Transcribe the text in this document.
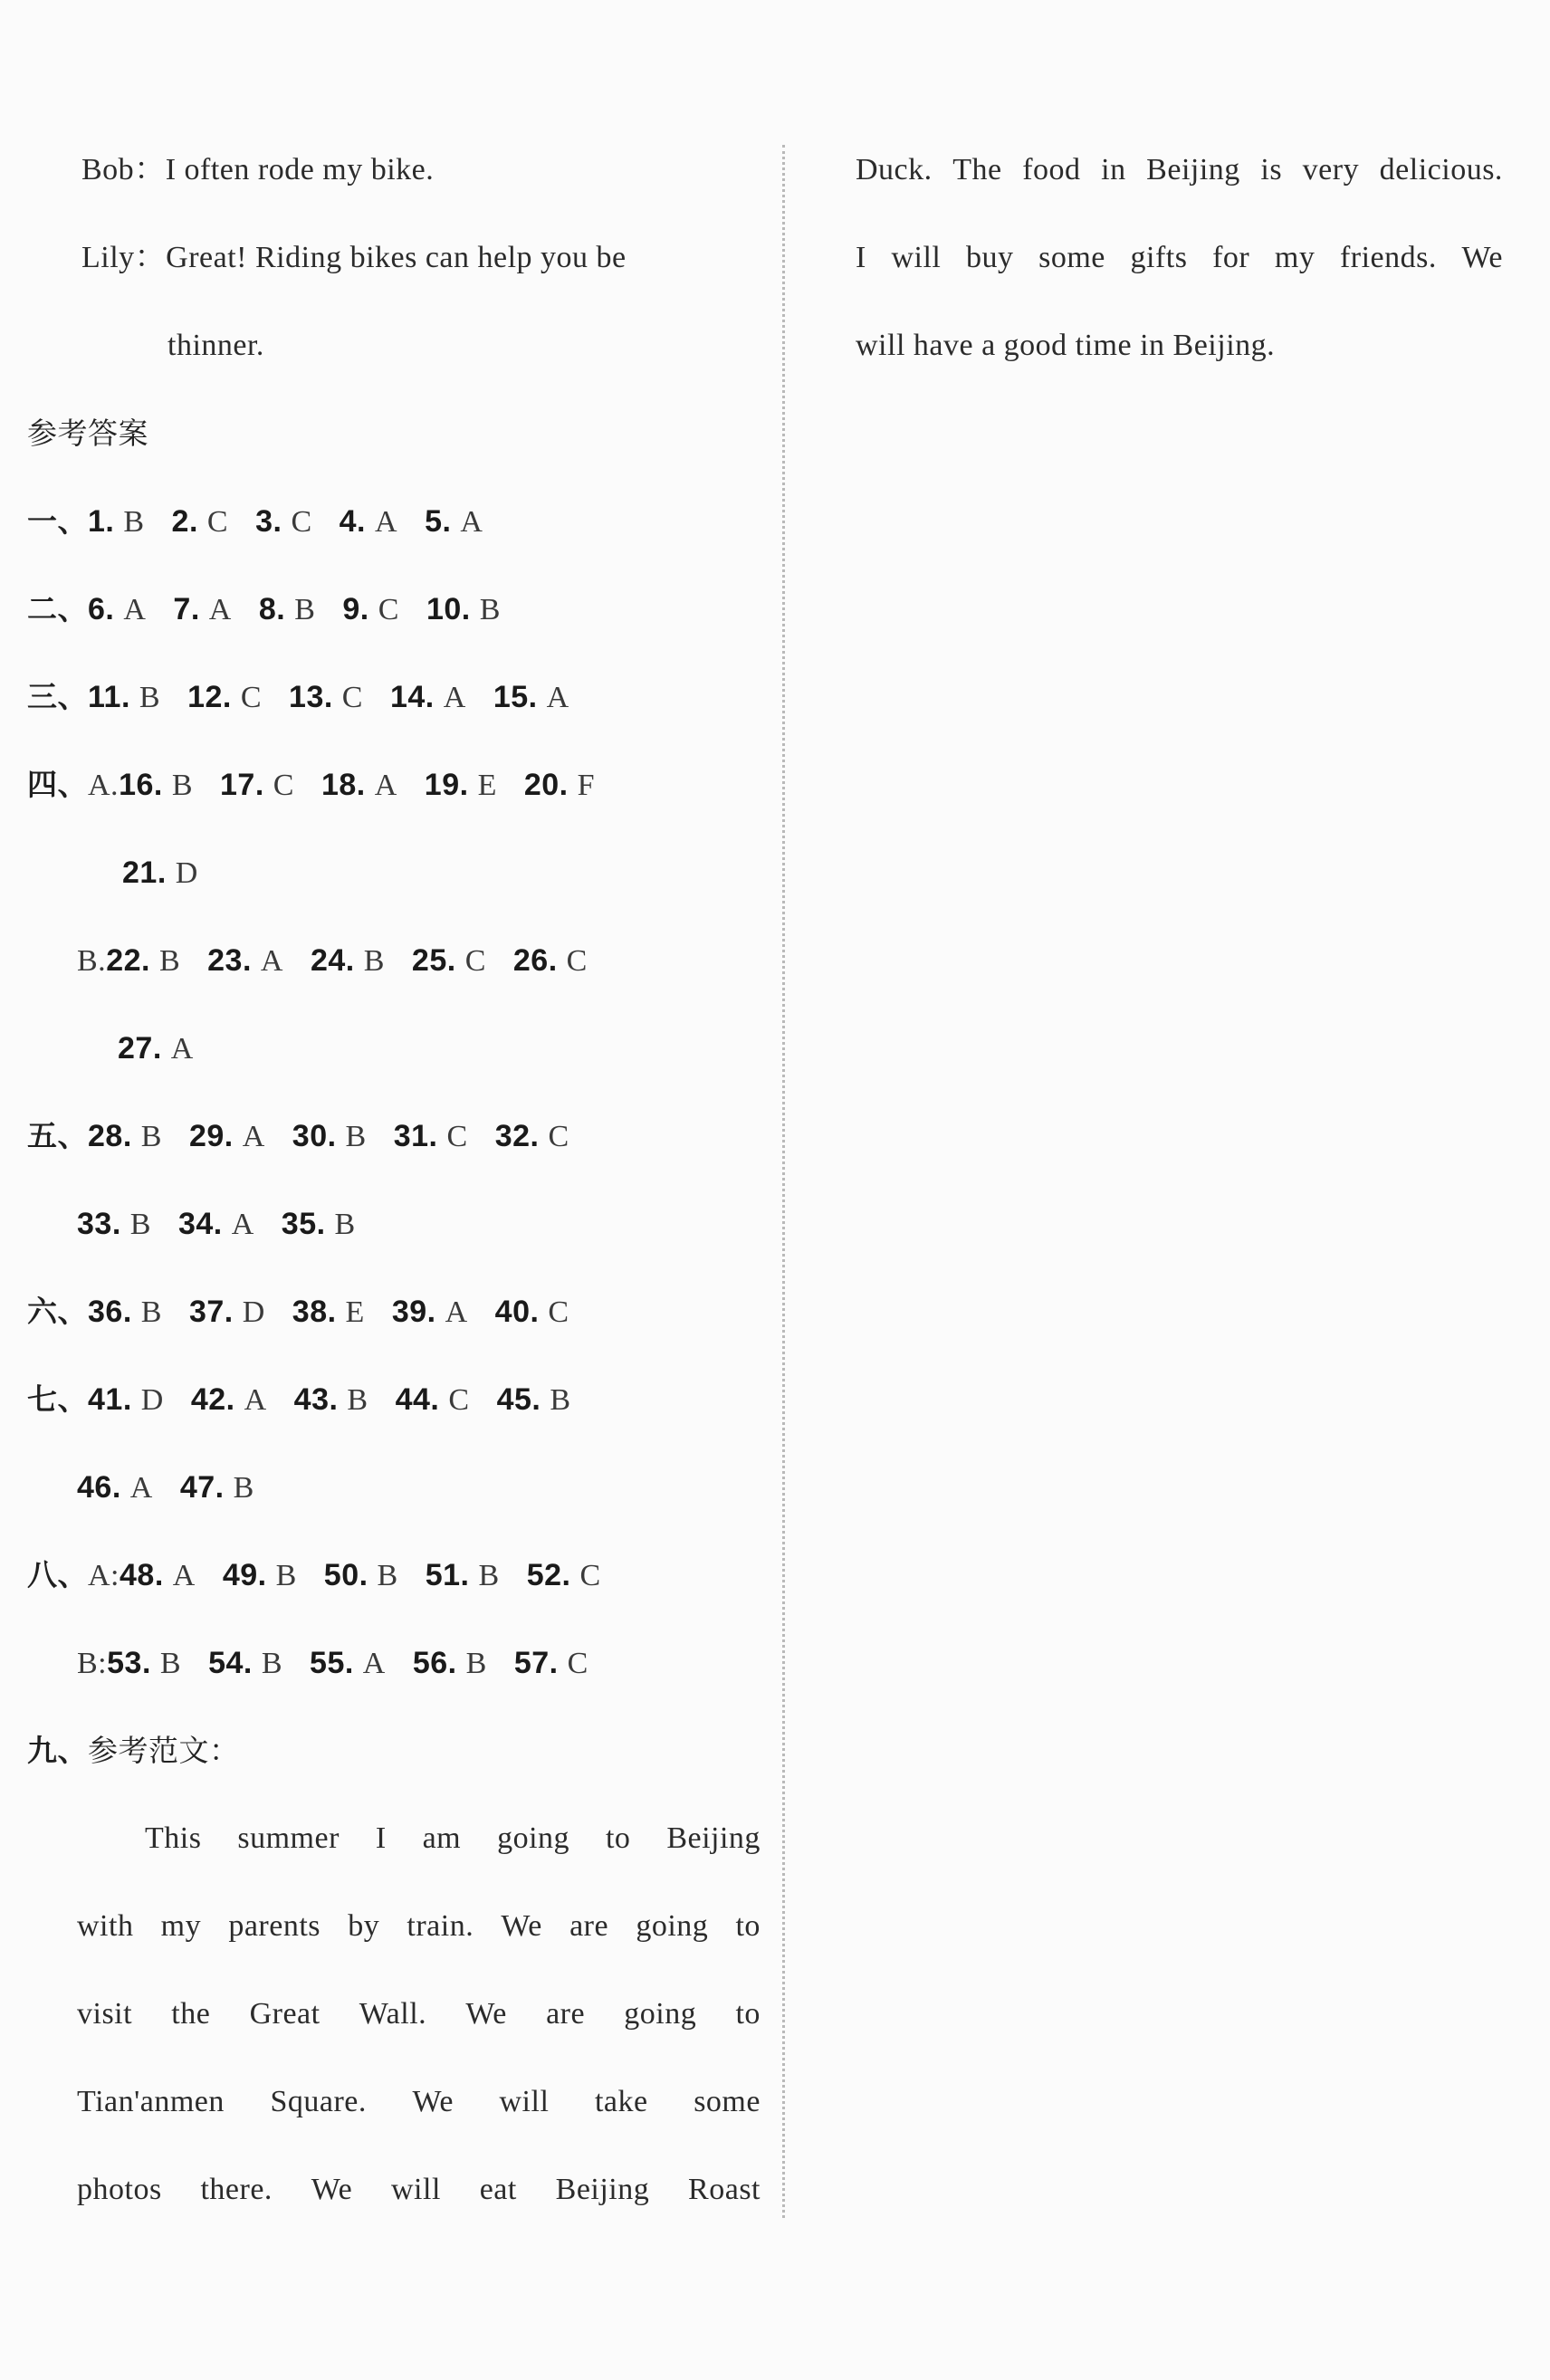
Bob：I often rode my bike.
Lily：Great! Riding bikes can help you be
thinner.
参考答案
一、1. B 2. C 3. C 4. A 5. A
二、6. A 7. A 8. B 9. C 10. B
三、11. B 12. C 13. C 14. A 15. A
四、A.16. B 17. C 18. A 19. E 20. F
21. D
B.22. B 23. A 24. B 25. C 26. C
27. A
五、28. B 29. A 30. B 31. C 32. C
33. B 34. A 35. B
六、36. B 37. D 38. E 39. A 40. C
七、41. D 42. A 43. B 44. C 45. B
46. A 47. B
八、A:48. A 49. B 50. B 51. B 52. C
B:53. B 54. B 55. A 56. B 57. C
九、参考范文：
This summer I am going to Beijing
with my parents by train. We are going to
visit the Great Wall. We are going to
Tian'anmen Square. We will take some
photos there. We will eat Beijing Roast
Duck. The food in Beijing is very delicious.
I will buy some gifts for my friends. We
will have a good time in Beijing.
